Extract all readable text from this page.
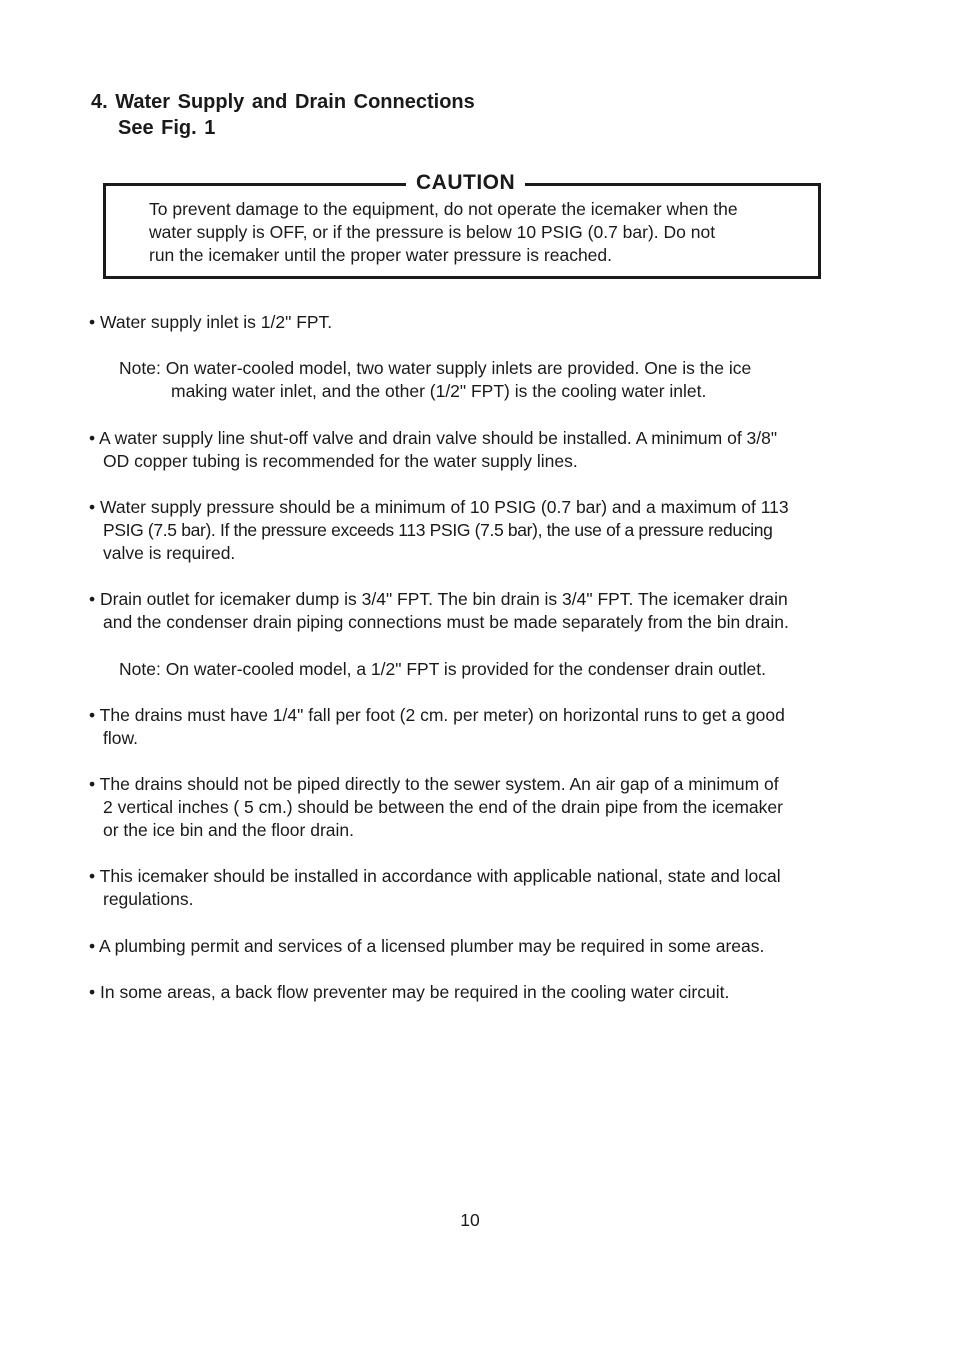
4. Water Supply and Drain Connections
See Fig. 1
CAUTION
To prevent damage to the equipment, do not operate the icemaker when the
water supply is OFF, or if the pressure is below 10 PSIG (0.7 bar). Do not
run the icemaker until the proper water pressure is reached.
• Water supply inlet is 1/2" FPT.
Note: On water-cooled model, two water supply inlets are provided. One is the ice
making water inlet, and the other (1/2" FPT) is the cooling water inlet.
• A water supply line shut-off valve and drain valve should be installed. A minimum of 3/8"
OD copper tubing is recommended for the water supply lines.
• Water supply pressure should be a minimum of 10 PSIG (0.7 bar) and a maximum of 113
PSIG (7.5 bar). If the pressure exceeds 113 PSIG (7.5 bar), the use of a pressure reducing
valve is required.
• Drain outlet for icemaker dump is 3/4" FPT. The bin drain is 3/4" FPT. The icemaker drain
and the condenser drain piping connections must be made separately from the bin drain.
Note: On water-cooled model, a 1/2" FPT is provided for the condenser drain outlet.
• The drains must have 1/4" fall per foot (2 cm. per meter) on horizontal runs to get a good
flow.
• The drains should not be piped directly to the sewer system. An air gap of a minimum of
2 vertical inches ( 5 cm.) should be between the end of the drain pipe from the icemaker
or the ice bin and the floor drain.
• This icemaker should be installed in accordance with applicable national, state and local
regulations.
• A plumbing permit and services of a licensed plumber may be required in some areas.
• In some areas, a back flow preventer may be required in the cooling water circuit.
10
